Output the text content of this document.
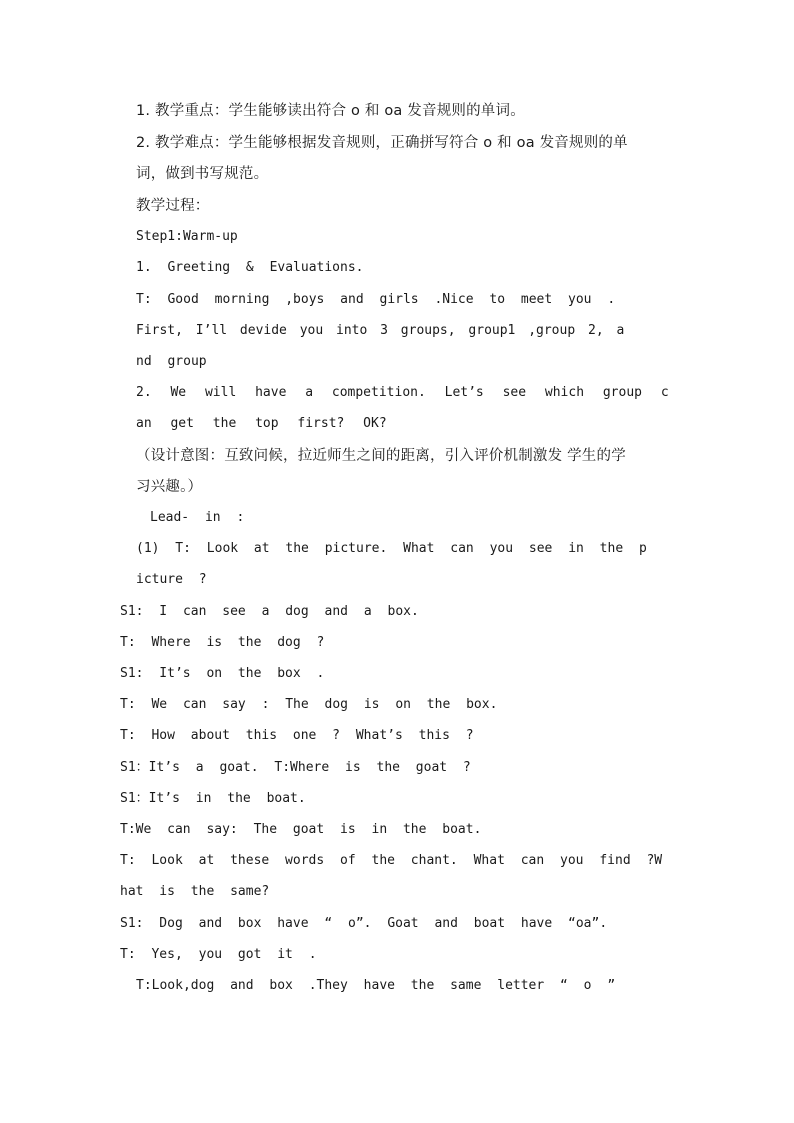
1. 教学重点：学生能够读出符合 o 和 oa 发音规则的单词。

2. 教学难点：学生能够根据发音规则，正确拼写符合 o 和 oa 发音规则的单

词，做到书写规范。

教学过程：

Step1:Warm-up

1. Greeting & Evaluations.

T: Good morning ,boys and girls .Nice to meet you .

First, I’ll devide you into 3 groups, group1 ,group 2, a

nd group

2. We will have a competition. Let’s see which group c

an get the top first? OK?

（设计意图：互致问候，拉近师生之间的距离，引入评价机制激发 学生的学

习兴趣。）

Lead- in :

(1) T: Look at the picture. What can you see in the p

icture ?

S1: I can see a dog and a box.

T: Where is the dog ?

S1: It’s on the box .

T: We can say : The dog is on the box.

T: How about this one ? What’s this ?

S1：It’s a goat. T:Where is the goat ?

S1：It’s in the boat.

T:We can say: The goat is in the boat.

T: Look at these words of the chant. What can you find ?W

hat is the same?

S1: Dog and box have “ o”. Goat and boat have “oa”.

T: Yes, you got it .

T:Look,dog and box .They have the same letter “ o ”
